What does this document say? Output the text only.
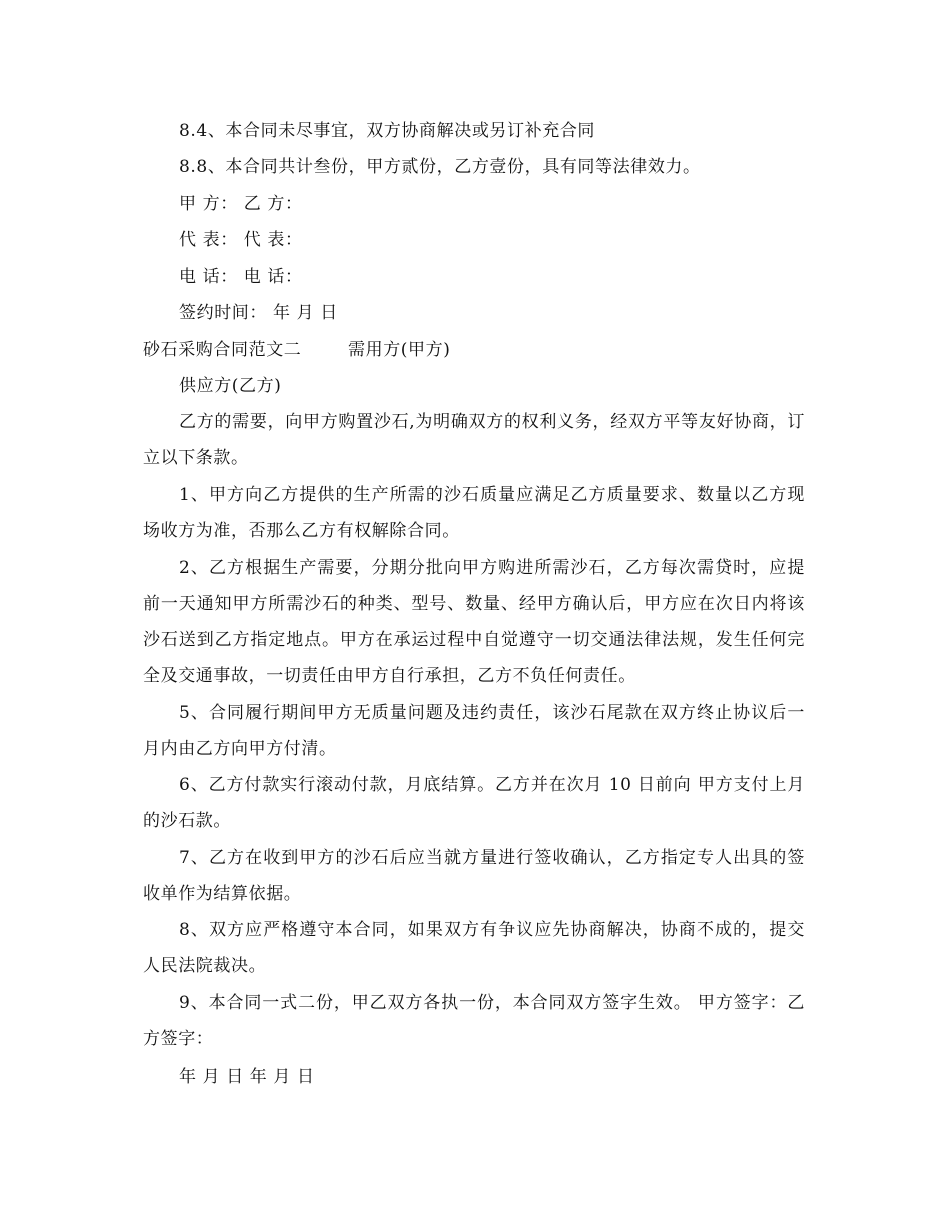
8.4、本合同未尽事宜，双方协商解决或另订补充合同
8.8、本合同共计叁份，甲方贰份，乙方壹份，具有同等法律效力。
甲 方： 乙 方：
代 表： 代 表：
电 话： 电 话：
签约时间： 年 月 日
砂石采购合同范文二	需用方(甲方)
供应方(乙方)
乙方的需要，向甲方购置沙石,为明确双方的权利义务，经双方平等友好协商，订立以下条款。
1、甲方向乙方提供的生产所需的沙石质量应满足乙方质量要求、数量以乙方现场收方为准，否那么乙方有权解除合同。
2、乙方根据生产需要，分期分批向甲方购进所需沙石，乙方每次需贷时，应提前一天通知甲方所需沙石的种类、型号、数量、经甲方确认后，甲方应在次日内将该沙石送到乙方指定地点。甲方在承运过程中自觉遵守一切交通法律法规，发生任何完全及交通事故，一切责任由甲方自行承担，乙方不负任何责任。
5、合同履行期间甲方无质量问题及违约责任，该沙石尾款在双方终止协议后一月内由乙方向甲方付清。
6、乙方付款实行滚动付款，月底结算。乙方并在次月 10 日前向 甲方支付上月的沙石款。
7、乙方在收到甲方的沙石后应当就方量进行签收确认，乙方指定专人出具的签收单作为结算依据。
8、双方应严格遵守本合同，如果双方有争议应先协商解决，协商不成的，提交人民法院裁决。
9、本合同一式二份，甲乙双方各执一份，本合同双方签字生效。 甲方签字：乙方签字：
年 月 日 年 月 日
